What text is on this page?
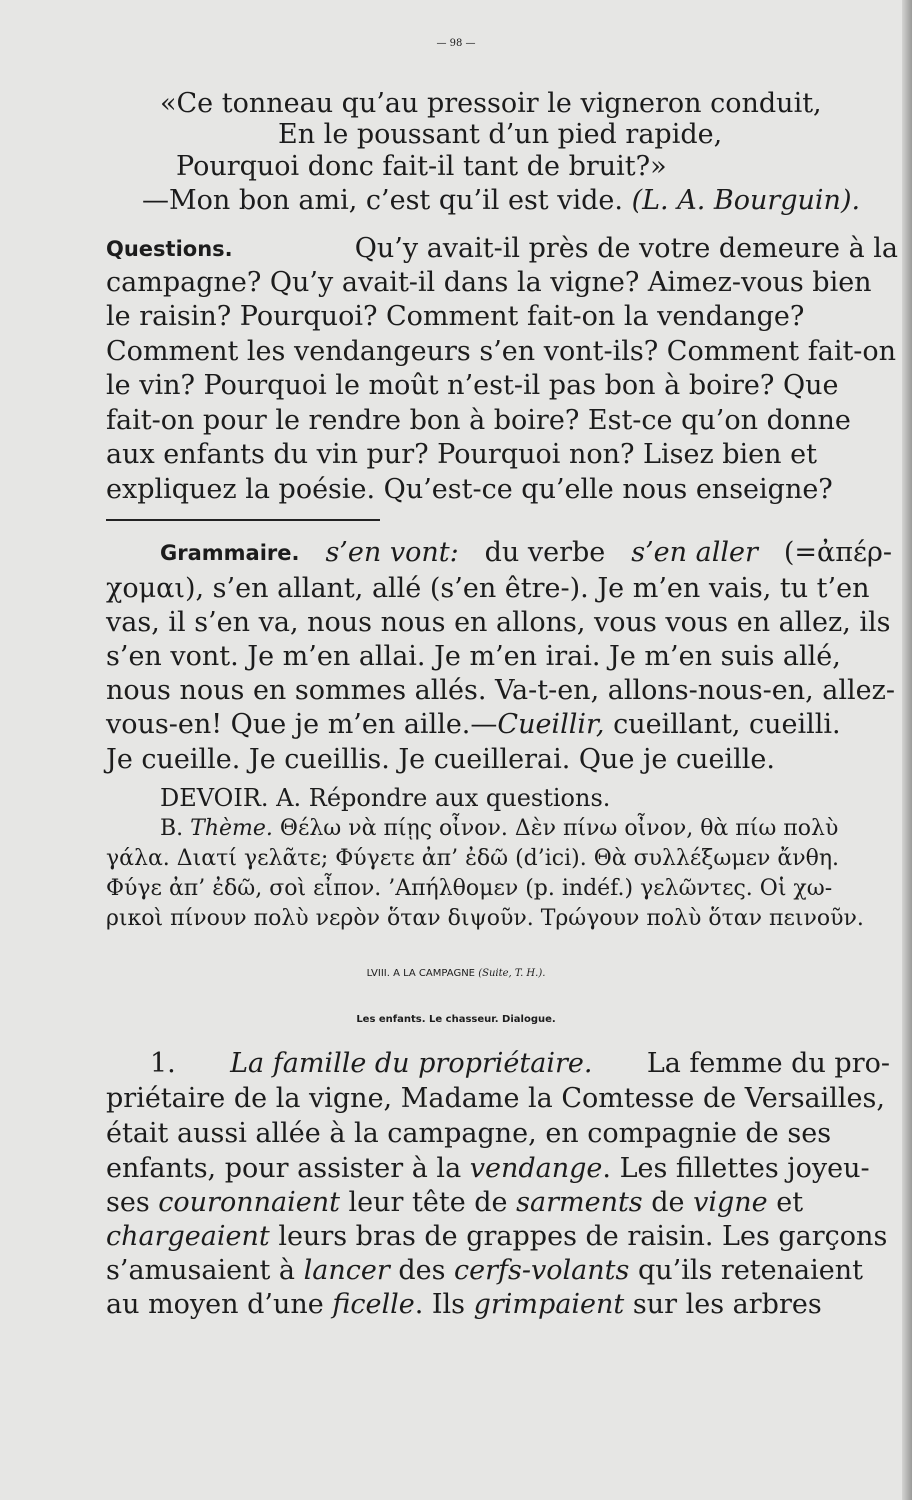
— 98 —
«Ce tonneau qu’au pressoir le vigneron conduit,
En le poussant d’un pied rapide,
Pourquoi donc fait-il tant de bruit?»
—Mon bon ami, c’est qu’il est vide. (L. A. Bourguin).
Questions.	Qu’y avait-il près de votre demeure à la
campagne? Qu’y avait-il dans la vigne? Aimez-vous bien
le raisin? Pourquoi? Comment fait-on la vendange?
Comment les vendangeurs s’en vont-ils? Comment fait-on
le vin? Pourquoi le moût n’est-il pas bon à boire? Que
fait-on pour le rendre bon à boire? Est-ce qu’on donne
aux enfants du vin pur? Pourquoi non? Lisez bien et
expliquez la poésie. Qu’est-ce qu’elle nous enseigne?
Grammaire. s’en vont: du verbe s’en aller (=ἀπέρ-
χομαι), s’en allant, allé (s’en être-). Je m’en vais, tu t’en
vas, il s’en va, nous nous en allons, vous vous en allez, ils
s’en vont. Je m’en allai. Je m’en irai. Je m’en suis allé,
nous nous en sommes allés. Va-t-en, allons-nous-en, allez-
vous-en! Que je m’en aille.—Cueillir, cueillant, cueilli.
Je cueille. Je cueillis. Je cueillerai. Que je cueille.
DEVOIR. A. Répondre aux questions.
B. Thème. Θέλω νὰ πίῃς οἶνον. Δὲν πίνω οἶνον, θὰ πίω πολὺ
γάλα. Διατί γελᾶτε; Φύγετε ἀπ’ ἐδῶ (d’ici). Θὰ συλλέξωμεν ἄνθη.
Φύγε ἀπ’ ἐδῶ, σοὶ εἶπον. ’Απήλθομεν (p. indéf.) γελῶντες. Οἱ χω-
ρικοὶ πίνουν πολὺ νερὸν ὅταν διψοῦν. Τρώγουν πολὺ ὅταν πεινοῦν.
LVIII. A LA CAMPAGNE (Suite, T. H.).
Les enfants. Le chasseur. Dialogue.
1. La famille du propriétaire. La femme du pro-
priétaire de la vigne, Madame la Comtesse de Versailles,
était aussi allée à la campagne, en compagnie de ses
enfants, pour assister à la vendange. Les fillettes joyeu-
ses couronnaient leur tête de sarments de vigne et
chargeaient leurs bras de grappes de raisin. Les garçons
s’amusaient à lancer des cerfs-volants qu’ils retenaient
au moyen d’une ficelle. Ils grimpaient sur les arbres
